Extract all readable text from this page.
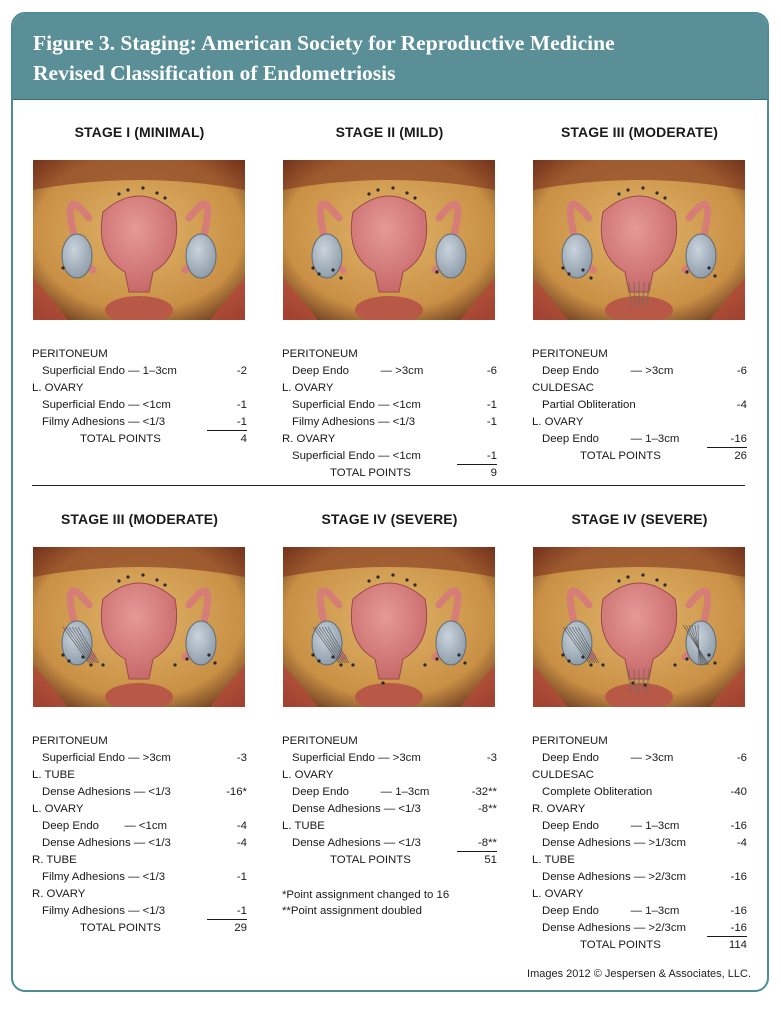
Figure 3. Staging: American Society for Reproductive Medicine
Revised Classification of Endometriosis
STAGE I (MINIMAL)
PERITONEUM
Superficial Endo — 1–3cm	-2
L. OVARY
Superficial Endo — <1cm	-1
Filmy Adhesions — <1/3	-1
TOTAL POINTS	4
STAGE II (MILD)
PERITONEUM
Deep Endo          — >3cm	-6
L. OVARY
Superficial Endo — <1cm	-1
Filmy Adhesions — <1/3	-1
R. OVARY
Superficial Endo — <1cm	-1
TOTAL POINTS	9
STAGE III (MODERATE)
PERITONEUM
Deep Endo          — >3cm	-6
CULDESAC
Partial Obliteration	-4
L. OVARY
Deep Endo          — 1–3cm	-16
TOTAL POINTS	26
STAGE III (MODERATE)
PERITONEUM
Superficial Endo — >3cm	-3
L. TUBE
Dense Adhesions — <1/3	-16*
L. OVARY
Deep Endo        — <1cm	-4
Dense Adhesions — <1/3	-4
R. TUBE
Filmy Adhesions — <1/3	-1
R. OVARY
Filmy Adhesions — <1/3	-1
TOTAL POINTS	29
STAGE IV (SEVERE)
PERITONEUM
Superficial Endo — >3cm	-3
L. OVARY
Deep Endo          — 1–3cm	-32**
Dense Adhesions — <1/3	-8**
L. TUBE
Dense Adhesions — <1/3	-8**
TOTAL POINTS	51
*Point assignment changed to 16
**Point assignment doubled
STAGE IV (SEVERE)
PERITONEUM
Deep Endo          — >3cm	-6
CULDESAC
Complete Obliteration	-40
R. OVARY
Deep Endo          — 1–3cm	-16
Dense Adhesions — >1/3cm	-4
L. TUBE
Dense Adhesions — >2/3cm	-16
L. OVARY
Deep Endo          — 1–3cm	-16
Dense Adhesions — >2/3cm	-16
TOTAL POINTS	114
Images 2012 © Jespersen & Associates, LLC.
